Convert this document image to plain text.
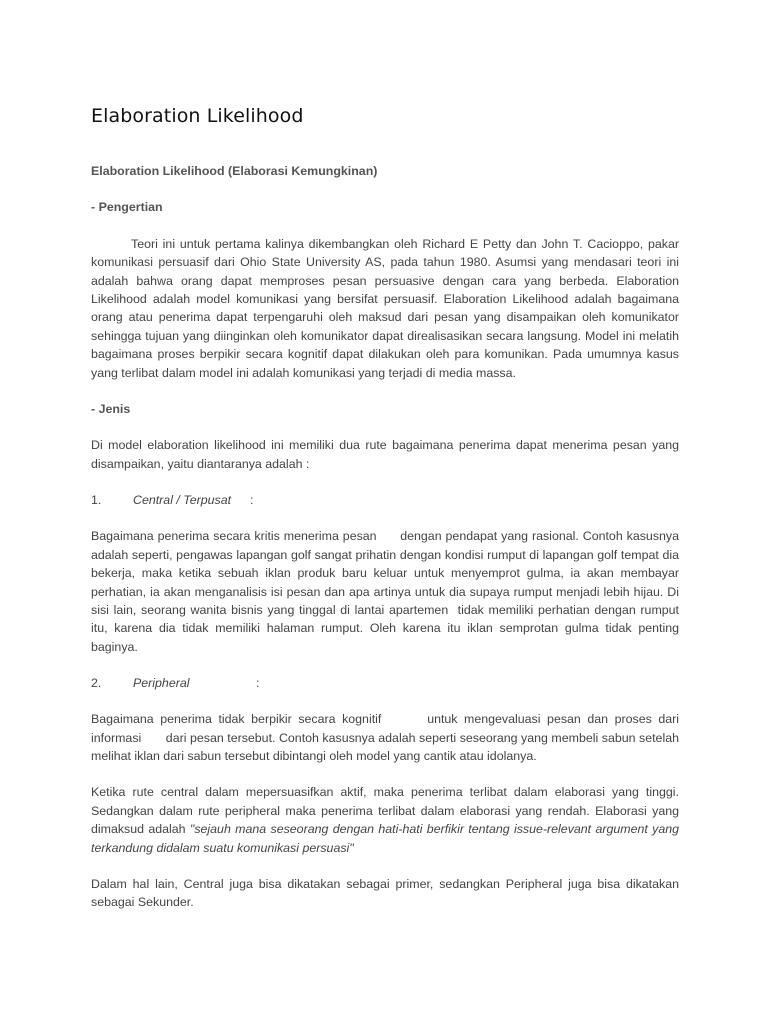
Elaboration Likelihood

Elaboration Likelihood (Elaborasi Kemungkinan)

- Pengertian

Teori ini untuk pertama kalinya dikembangkan oleh Richard E Petty dan John T. Cacioppo, pakar komunikasi persuasif dari Ohio State University AS, pada tahun 1980. Asumsi yang mendasari teori ini adalah bahwa orang dapat memproses pesan persuasive dengan cara yang berbeda. Elaboration Likelihood adalah model komunikasi yang bersifat persuasif. Elaboration Likelihood adalah bagaimana orang atau penerima dapat terpengaruhi oleh maksud dari pesan yang disampaikan oleh komunikator sehingga tujuan yang diinginkan oleh komunikator dapat direalisasikan secara langsung. Model ini melatih bagaimana proses berpikir secara kognitif dapat dilakukan oleh para komunikan. Pada umumnya kasus yang terlibat dalam model ini adalah komunikasi yang terjadi di media massa.

- Jenis

Di model elaboration likelihood ini memiliki dua rute bagaimana penerima dapat menerima pesan yang disampaikan, yaitu diantaranya adalah :

1.	Central / Terpusat :

Bagaimana penerima secara kritis menerima pesan      dengan pendapat yang rasional. Contoh kasusnya adalah seperti, pengawas lapangan golf sangat prihatin dengan kondisi rumput di lapangan golf tempat dia bekerja, maka ketika sebuah iklan produk baru keluar untuk menyemprot gulma, ia akan membayar perhatian, ia akan menganalisis isi pesan dan apa artinya untuk dia supaya rumput menjadi lebih hijau. Di sisi lain, seorang wanita bisnis yang tinggal di lantai apartemen  tidak memiliki perhatian dengan rumput itu, karena dia tidak memiliki halaman rumput. Oleh karena itu iklan semprotan gulma tidak penting baginya.

2.	Peripheral	:

Bagaimana penerima tidak berpikir secara kognitif       untuk mengevaluasi pesan dan proses dari informasi       dari pesan tersebut. Contoh kasusnya adalah seperti seseorang yang membeli sabun setelah melihat iklan dari sabun tersebut dibintangi oleh model yang cantik atau idolanya.

Ketika rute central dalam mepersuasifkan aktif, maka penerima terlibat dalam elaborasi yang tinggi. Sedangkan dalam rute peripheral maka penerima terlibat dalam elaborasi yang rendah. Elaborasi yang dimaksud adalah "sejauh mana seseorang dengan hati-hati berfikir tentang issue-relevant argument yang terkandung didalam suatu komunikasi persuasi"

Dalam hal lain, Central juga bisa dikatakan sebagai primer, sedangkan Peripheral juga bisa dikatakan sebagai Sekunder.
